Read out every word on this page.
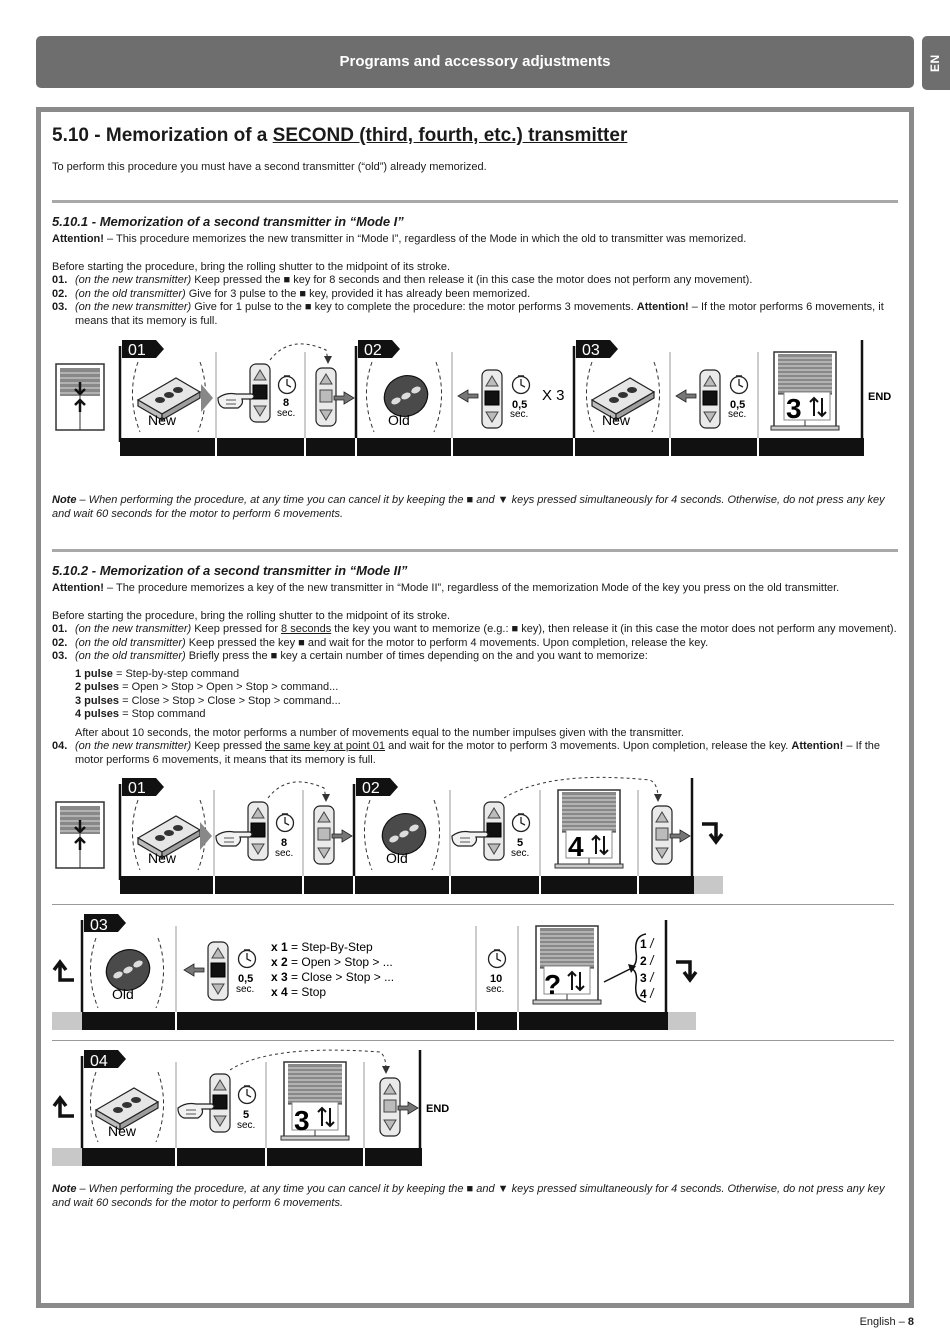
Programs and accessory adjustments	EN
5.10 - Memorization of a SECOND (third, fourth, etc.) transmitter
To perform this procedure you must have a second transmitter (“old”) already memorized.
5.10.1 - Memorization of a second transmitter in “Mode I”
Attention! – This procedure memorizes the new transmitter in “Mode I”, regardless of the Mode in which the old to transmitter was memorized.
Before starting the procedure, bring the rolling shutter to the midpoint of its stroke.
01. (on the new transmitter) Keep pressed the ■ key for 8 seconds and then release it (in this case the motor does not perform any movement).
02. (on the old transmitter) Give for 3 pulse to the ■ key, provided it has already been memorized.
03. (on the new transmitter) Give for 1 pulse to the ■ key to complete the procedure: the motor performs 3 movements. Attention! – If the motor performs 6 movements, it means that its memory is full.
Note – When performing the procedure, at any time you can cancel it by keeping the ■ and ▼ keys pressed simultaneously for 4 seconds. Otherwise, do not press any key and wait 60 seconds for the motor to perform 6 movements.
5.10.2 - Memorization of a second transmitter in “Mode II”
Attention! – The procedure memorizes a key of the new transmitter in “Mode II”, regardless of the memorization Mode of the key you press on the old transmitter.
Before starting the procedure, bring the rolling shutter to the midpoint of its stroke.
01. (on the new transmitter) Keep pressed for 8 seconds the key you want to memorize (e.g.: ■ key), then release it (in this case the motor does not perform any movement).
02. (on the old transmitter) Keep pressed the key ■ and wait for the motor to perform 4 movements. Upon completion, release the key.
03. (on the old transmitter) Briefly press the ■ key a certain number of times depending on the and you want to memorize:
1 pulse = Step-by-step command
2 pulses = Open > Stop > Open > Stop > command...
3 pulses = Close > Stop > Close > Stop > command...
4 pulses = Stop command
After about 10 seconds, the motor performs a number of movements equal to the number impulses given with the transmitter.
04. (on the new transmitter) Keep pressed the same key at point 01 and wait for the motor to perform 3 movements. Upon completion, release the key. Attention! – If the motor performs 6 movements, it means that its memory is full.
01	02	03
New
8
sec.	Old
0,5
sec.
X 3
New
0,5
sec. 3	END
01	02
New
8
sec.	Old
5
sec. 4
03
Old
0,5
sec.
x 1 = Step-By-Step
x 2 = Open > Stop > ...
x 3 = Close > Stop > ...
x 4 = Stop
10
sec. ?
1
2
3
4
04
New
5
sec. 3	END
Note – When performing the procedure, at any time you can cancel it by keeping the ■ and ▼ keys pressed simultaneously for 4 seconds. Otherwise, do not press any key and wait 60 seconds for the motor to perform 6 movements.
English – 8
